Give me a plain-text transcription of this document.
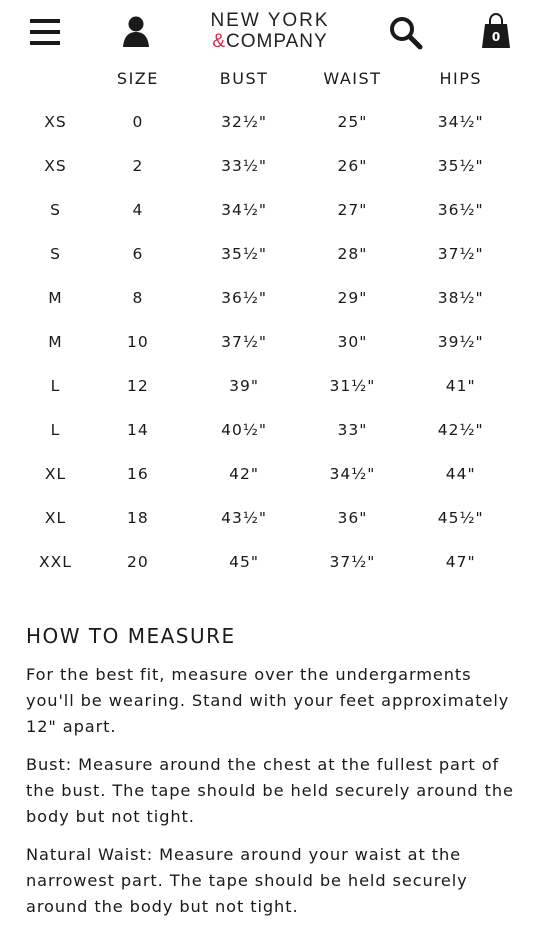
NEW YORK
&COMPANY	0
	SIZE	BUST	WAIST	HIPS
XS	0	32½"	25"	34½"
XS	2	33½"	26"	35½"
S	4	34½"	27"	36½"
S	6	35½"	28"	37½"
M	8	36½"	29"	38½"
M	10	37½"	30"	39½"
L	12	39"	31½"	41"
L	14	40½"	33"	42½"
XL	16	42"	34½"	44"
XL	18	43½"	36"	45½"
XXL	20	45"	37½"	47"
HOW TO MEASURE

For the best fit, measure over the undergarments you'll be wearing. Stand with your feet approximately 12" apart.

Bust: Measure around the chest at the fullest part of the bust. The tape should be held securely around the body but not tight.

Natural Waist: Measure around your waist at the narrowest part. The tape should be held securely around the body but not tight.
